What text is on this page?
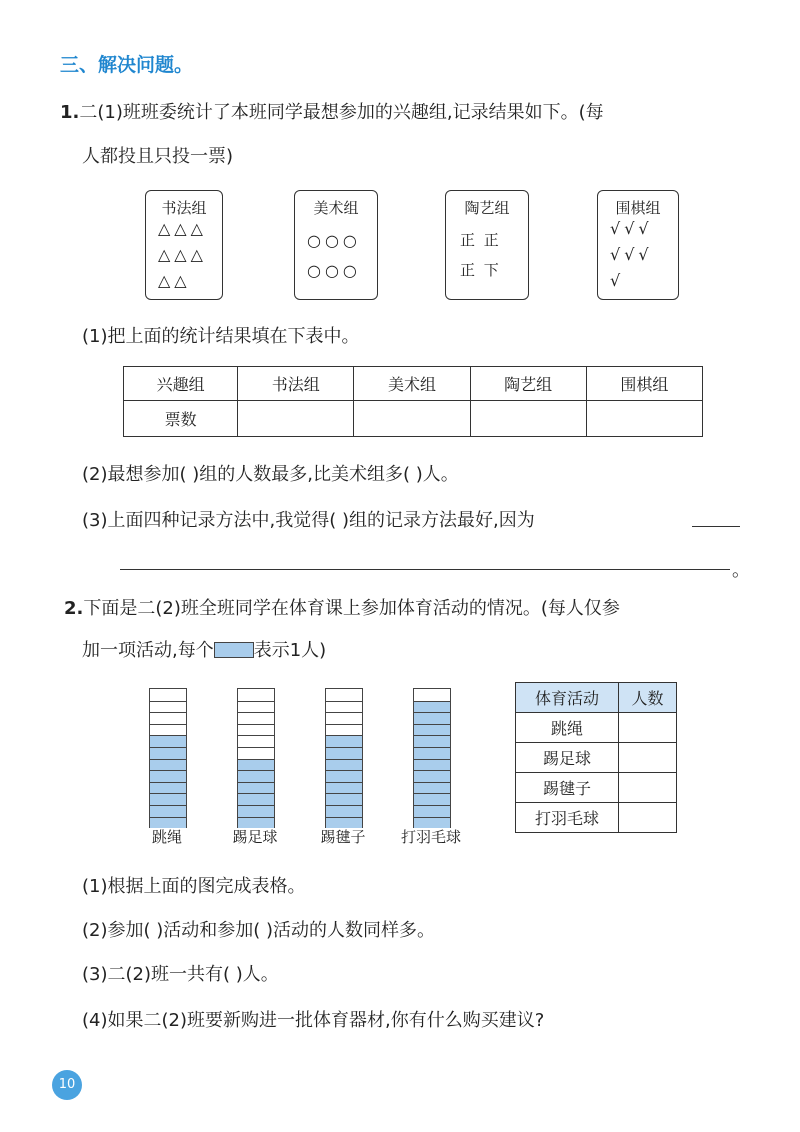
三、解决问题。
1.二(1)班班委统计了本班同学最想参加的兴趣组,记录结果如下。(每
人都投且只投一票)
书法组
△△△
△△△
△△
美术组
○○○
○○○
陶艺组
正 正
正 下
围棋组
√√√
√√√
√
(1)把上面的统计结果填在下表中。
兴趣组	书法组	美术组	陶艺组	围棋组
票数				
(2)最想参加( )组的人数最多,比美术组多( )人。
(3)上面四种记录方法中,我觉得( )组的记录方法最好,因为
。
2.下面是二(2)班全班同学在体育课上参加体育活动的情况。(每人仅参
加一项活动,每个 表示1人)
跳绳	踢足球	踢毽子 打羽毛球
体育活动	人数
跳绳	
踢足球	
踢毽子	
打羽毛球	
(1)根据上面的图完成表格。
(2)参加( )活动和参加( )活动的人数同样多。
(3)二(2)班一共有( )人。
(4)如果二(2)班要新购进一批体育器材,你有什么购买建议?
10
